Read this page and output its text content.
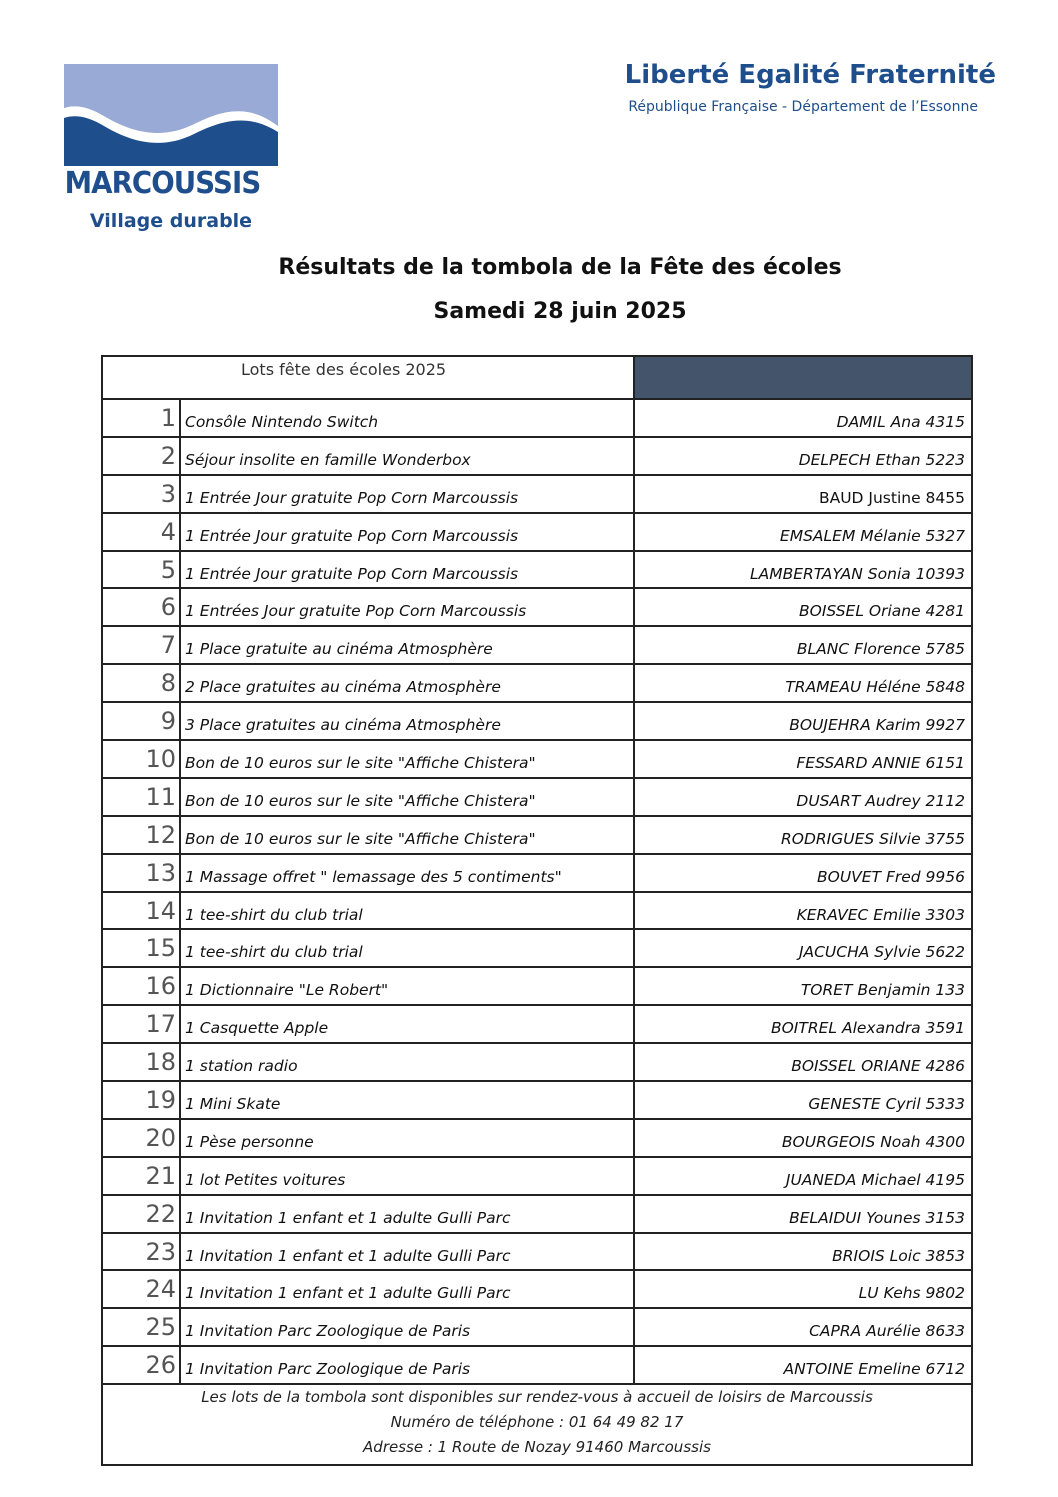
MARCOUSSIS
Village durable
Liberté Egalité Fraternité
République Française - Département de l’Essonne
Résultats de la tombola de la Fête des écoles
Samedi 28 juin 2025
Lots fête des écoles 2025
1 Consôle Nintendo Switch	DAMIL Ana 4315
2 Séjour insolite en famille Wonderbox	DELPECH Ethan 5223
3 1 Entrée Jour gratuite Pop Corn Marcoussis	BAUD Justine 8455
4 1 Entrée Jour gratuite Pop Corn Marcoussis	EMSALEM Mélanie 5327
5 1 Entrée Jour gratuite Pop Corn Marcoussis	LAMBERTAYAN Sonia 10393
6 1 Entrées Jour gratuite Pop Corn Marcoussis	BOISSEL Oriane 4281
7 1 Place gratuite au cinéma Atmosphère	BLANC Florence 5785
8 2 Place gratuites au cinéma Atmosphère	TRAMEAU Héléne 5848
9 3 Place gratuites au cinéma Atmosphère	BOUJEHRA Karim 9927
10 Bon de 10 euros sur le site "Affiche Chistera"	FESSARD ANNIE 6151
11 Bon de 10 euros sur le site "Affiche Chistera"	DUSART Audrey 2112
12 Bon de 10 euros sur le site "Affiche Chistera"	RODRIGUES Silvie 3755
13 1 Massage offret " lemassage des 5 contiments"	BOUVET Fred 9956
14 1 tee-shirt du club trial	KERAVEC Emilie 3303
15 1 tee-shirt du club trial	JACUCHA Sylvie 5622
16 1 Dictionnaire "Le Robert"	TORET Benjamin 133
17 1 Casquette Apple	BOITREL Alexandra 3591
18 1 station radio	BOISSEL ORIANE 4286
19 1 Mini Skate	GENESTE Cyril 5333
20 1 Pèse personne	BOURGEOIS Noah 4300
21 1 lot Petites voitures	JUANEDA Michael 4195
22 1 Invitation 1 enfant et 1 adulte Gulli Parc	BELAIDUI Younes 3153
23 1 Invitation 1 enfant et 1 adulte Gulli Parc	BRIOIS Loic 3853
24 1 Invitation 1 enfant et 1 adulte Gulli Parc	LU Kehs 9802
25 1 Invitation Parc Zoologique de Paris	CAPRA Aurélie 8633
26 1 Invitation Parc Zoologique de Paris	ANTOINE Emeline 6712
Les lots de la tombola sont disponibles sur rendez-vous à accueil de loisirs de Marcoussis
Numéro de téléphone : 01 64 49 82 17
Adresse : 1 Route de Nozay 91460 Marcoussis
